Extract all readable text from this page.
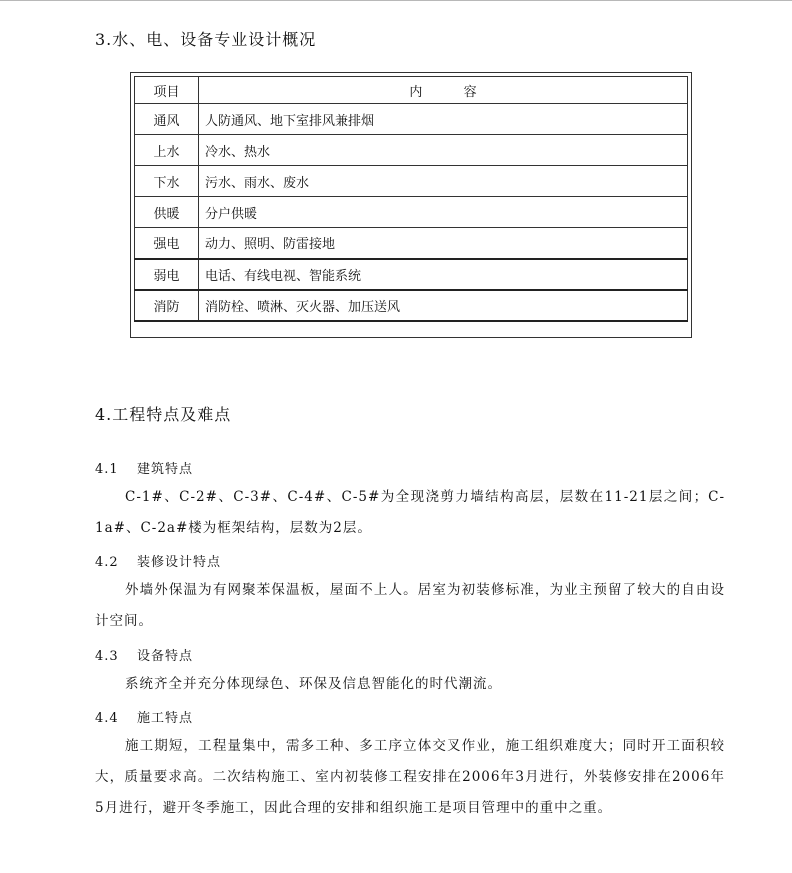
3.水、电、设备专业设计概况
项目	内          容
通风	人防通风、地下室排风兼排烟
上水	冷水、热水
下水	污水、雨水、废水
供暖	分户供暖
强电	动力、照明、防雷接地
弱电	电话、有线电视、智能系统
消防	消防栓、喷淋、灭火器、加压送风
4.工程特点及难点
4.1 建筑特点
C-1#、C-2#、C-3#、C-4#、C-5#为全现浇剪力墙结构高层，层数在11-21层之间；C-1a#、C-2a#楼为框架结构，层数为2层。
4.2 装修设计特点
外墙外保温为有网聚苯保温板，屋面不上人。居室为初装修标准，为业主预留了较大的自由设计空间。
4.3 设备特点
系统齐全并充分体现绿色、环保及信息智能化的时代潮流。
4.4 施工特点
施工期短，工程量集中，需多工种、多工序立体交叉作业，施工组织难度大；同时开工面积较大，质量要求高。二次结构施工、室内初装修工程安排在2006年3月进行，外装修安排在2006年5月进行，避开冬季施工，因此合理的安排和组织施工是项目管理中的重中之重。
